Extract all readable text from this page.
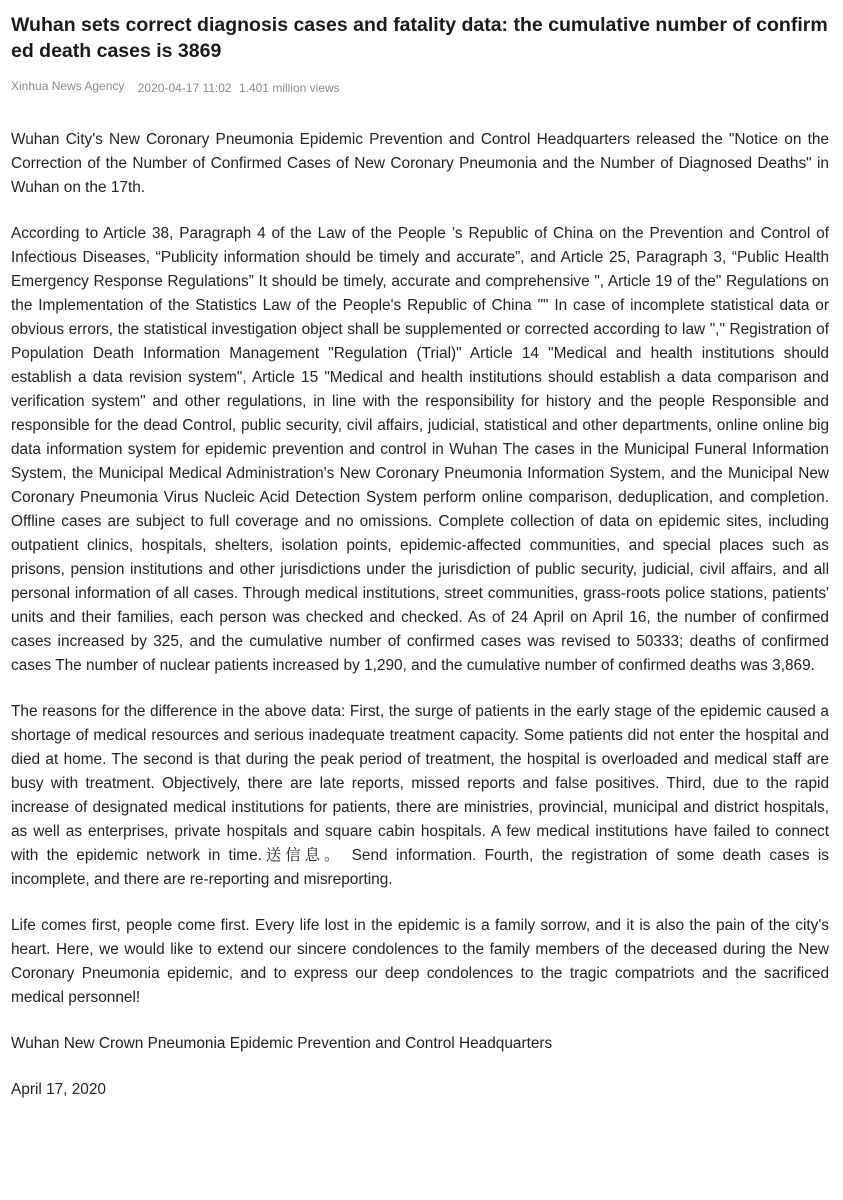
Wuhan sets correct diagnosis cases and fatality data: the cumulative number of confirmed death cases is 3869
Xinhua News Agency 2020-04-17 11:02 1.401 million views

Wuhan City's New Coronary Pneumonia Epidemic Prevention and Control Headquarters released the "Notice on the Correction of the Number of Confirmed Cases of New Coronary Pneumonia and the Number of Diagnosed Deaths" in Wuhan on the 17th.

According to Article 38, Paragraph 4 of the Law of the People ’s Republic of China on the Prevention and Control of Infectious Diseases, “Publicity information should be timely and accurate”, and Article 25, Paragraph 3, “Public Health Emergency Response Regulations” It should be timely, accurate and comprehensive ", Article 19 of the" Regulations on the Implementation of the Statistics Law of the People's Republic of China "" In case of incomplete statistical data or obvious errors, the statistical investigation object shall be supplemented or corrected according to law "," Registration of Population Death Information Management "Regulation (Trial)" Article 14 "Medical and health institutions should establish a data revision system", Article 15 "Medical and health institutions should establish a data comparison and verification system" and other regulations, in line with the responsibility for history and the people Responsible and responsible for the dead Control, public security, civil affairs, judicial, statistical and other departments, online online big data information system for epidemic prevention and control in Wuhan The cases in the Municipal Funeral Information System, the Municipal Medical Administration's New Coronary Pneumonia Information System, and the Municipal New Coronary Pneumonia Virus Nucleic Acid Detection System perform online comparison, deduplication, and completion. Offline cases are subject to full coverage and no omissions. Complete collection of data on epidemic sites, including outpatient clinics, hospitals, shelters, isolation points, epidemic-affected communities, and special places such as prisons, pension institutions and other jurisdictions under the jurisdiction of public security, judicial, civil affairs, and all personal information of all cases. Through medical institutions, street communities, grass-roots police stations, patients' units and their families, each person was checked and checked. As of 24 April on April 16, the number of confirmed cases increased by 325, and the cumulative number of confirmed cases was revised to 50333; deaths of confirmed cases The number of nuclear patients increased by 1,290, and the cumulative number of confirmed deaths was 3,869.

The reasons for the difference in the above data: First, the surge of patients in the early stage of the epidemic caused a shortage of medical resources and serious inadequate treatment capacity. Some patients did not enter the hospital and died at home. The second is that during the peak period of treatment, the hospital is overloaded and medical staff are busy with treatment. Objectively, there are late reports, missed reports and false positives. Third, due to the rapid increase of designated medical institutions for patients, there are ministries, provincial, municipal and district hospitals, as well as enterprises, private hospitals and square cabin hospitals. A few medical institutions have failed to connect with the epidemic network in time.送信息。 Send information. Fourth, the registration of some death cases is incomplete, and there are re-reporting and misreporting.

Life comes first, people come first. Every life lost in the epidemic is a family sorrow, and it is also the pain of the city's heart. Here, we would like to extend our sincere condolences to the family members of the deceased during the New Coronary Pneumonia epidemic, and to express our deep condolences to the tragic compatriots and the sacrificed medical personnel!

Wuhan New Crown Pneumonia Epidemic Prevention and Control Headquarters

April 17, 2020
